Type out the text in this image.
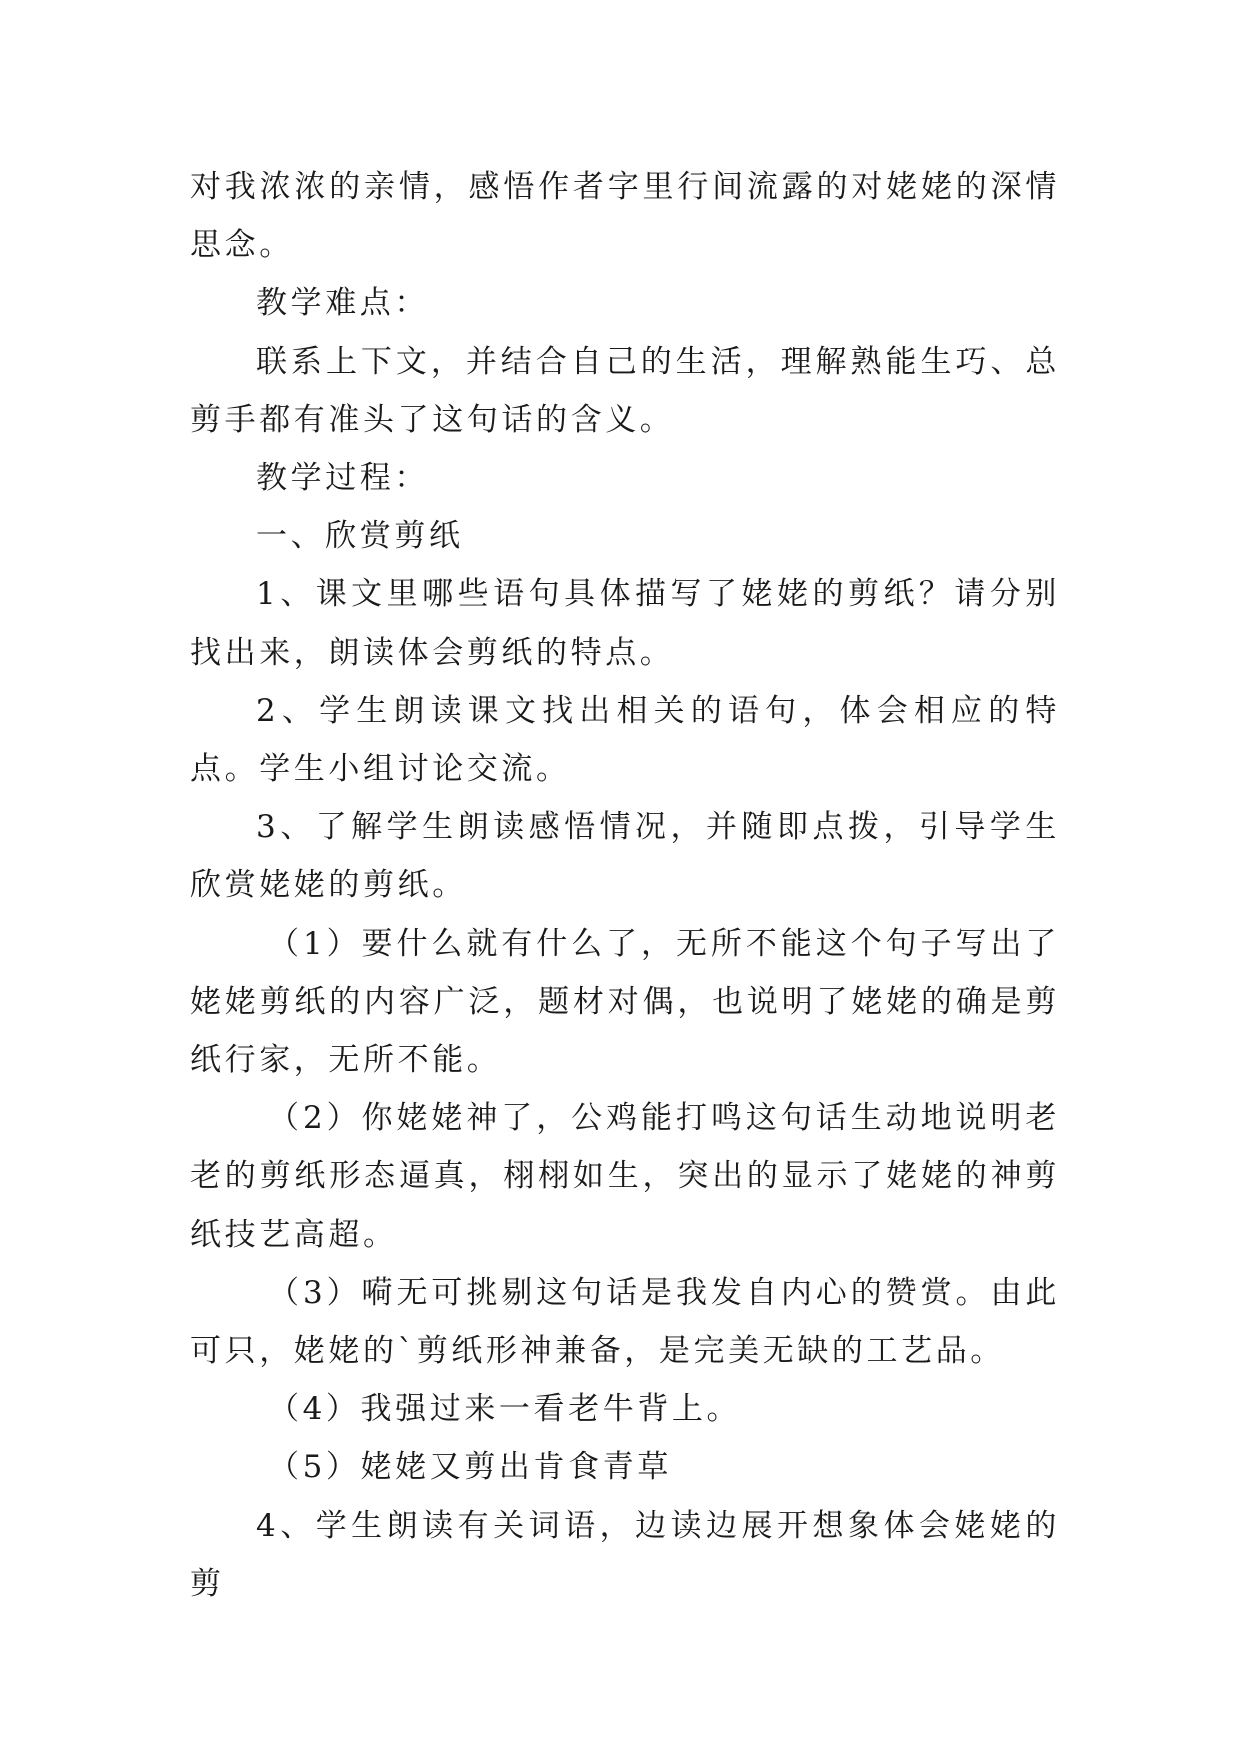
对我浓浓的亲情，感悟作者字里行间流露的对姥姥的深情思念。

教学难点：

联系上下文，并结合自己的生活，理解熟能生巧、总剪手都有准头了这句话的含义。

教学过程：

一、欣赏剪纸

1、课文里哪些语句具体描写了姥姥的剪纸？请分别找出来，朗读体会剪纸的特点。

2、学生朗读课文找出相关的语句，体会相应的特点。学生小组讨论交流。

3、了解学生朗读感悟情况，并随即点拨，引导学生欣赏姥姥的剪纸。

（1）要什么就有什么了，无所不能这个句子写出了姥姥剪纸的内容广泛，题材对偶，也说明了姥姥的确是剪纸行家，无所不能。

（2）你姥姥神了，公鸡能打鸣这句话生动地说明老老的剪纸形态逼真，栩栩如生，突出的显示了姥姥的神剪纸技艺高超。

（3）嗬无可挑剔这句话是我发自内心的赞赏。由此可只，姥姥的`剪纸形神兼备，是完美无缺的工艺品。

（4）我强过来一看老牛背上。

（5）姥姥又剪出肯食青草

4、学生朗读有关词语，边读边展开想象体会姥姥的剪
